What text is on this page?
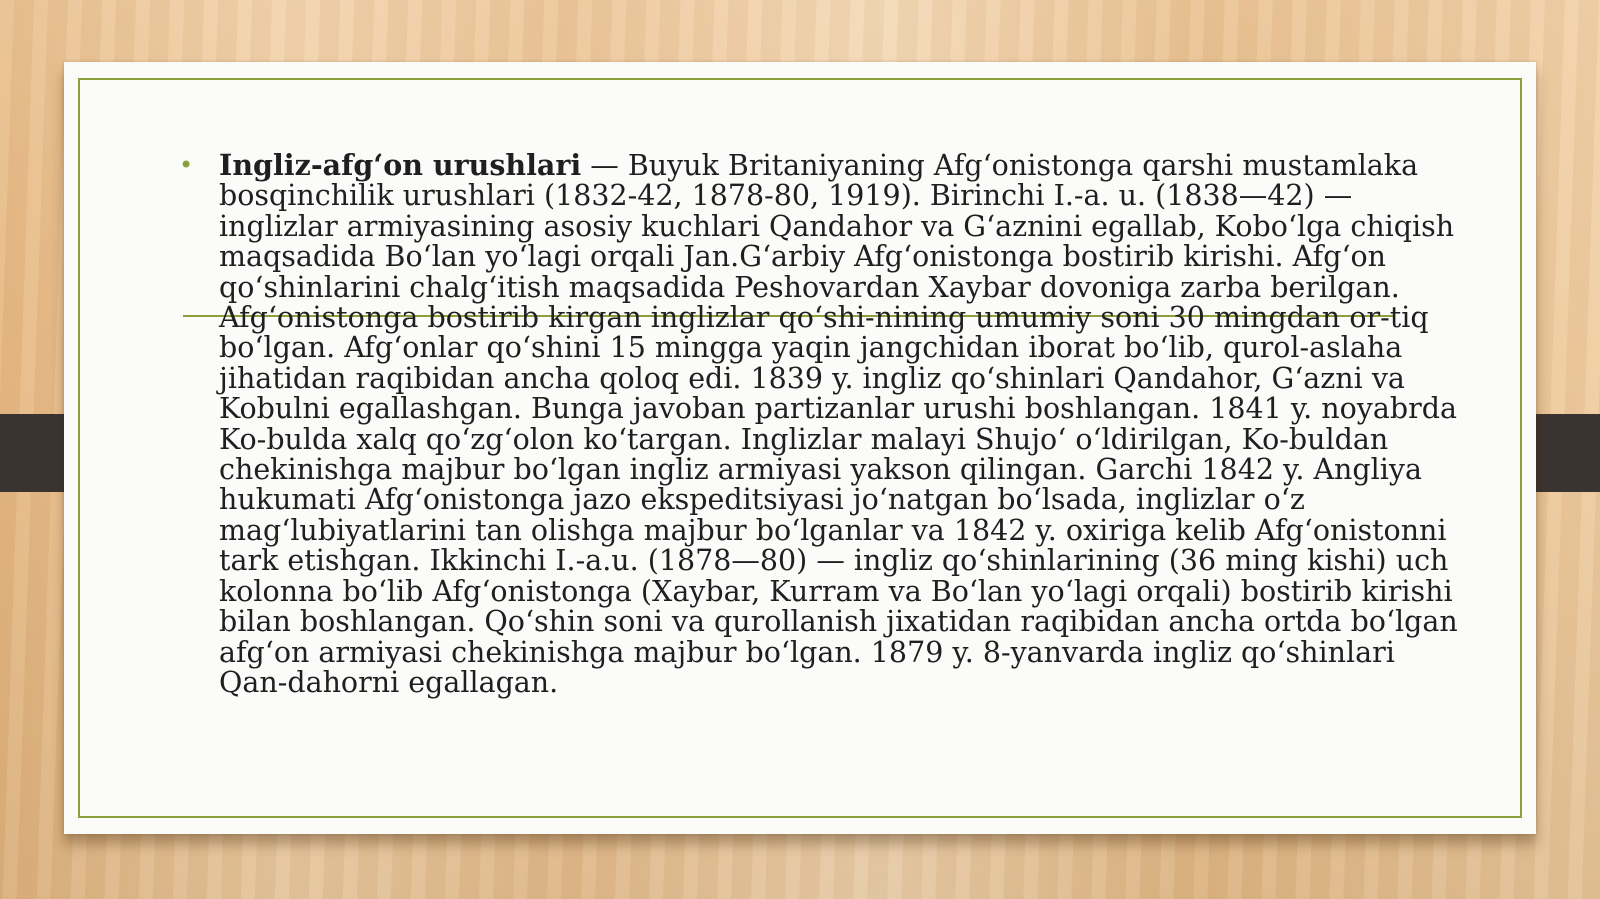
• Ingliz-afg‘on urushlari — Buyuk Britaniyaning Afg‘onistonga qarshi mustamlaka bosqinchilik urushlari (1832-42, 1878-80, 1919). Birinchi I.-a. u. (1838—42) — inglizlar armiyasining asosiy kuchlari Qandahor va G‘aznini egallab, Kobo‘lga chiqish maqsadida Bo‘lan yo‘lagi orqali Jan.G‘arbiy Afg‘onistonga bostirib kirishi. Afg‘on qo‘shinlarini chalg‘itish maqsadida Peshovardan Xaybar dovoniga zarba berilgan. Afg‘onistonga bostirib kirgan inglizlar qo‘shi-nining umumiy soni 30 mingdan or-tiq bo‘lgan. Afg‘onlar qo‘shini 15 mingga yaqin jangchidan iborat bo‘lib, qurol-aslaha jihatidan raqibidan ancha qoloq edi. 1839 y. ingliz qo‘shinlari Qandahor, G‘azni va Kobulni egallashgan. Bunga javoban partizanlar urushi boshlangan. 1841 y. noyabrda Ko-bulda xalq qo‘zg‘olon ko‘targan. Inglizlar malayi Shujo‘ o‘ldirilgan, Ko-buldan chekinishga majbur bo‘lgan ingliz armiyasi yakson qilingan. Garchi 1842 y. Angliya hukumati Afg‘onistonga jazo ekspeditsiyasi jo‘natgan bo‘lsada, inglizlar o‘z mag‘lubiyatlarini tan olishga majbur bo‘lganlar va 1842 y. oxiriga kelib Afg‘onistonni tark etishgan. Ikkinchi I.-a.u. (1878—80) — ingliz qo‘shinlarining (36 ming kishi) uch kolonna bo‘lib Afg‘onistonga (Xaybar, Kurram va Bo‘lan yo‘lagi orqali) bostirib kirishi bilan boshlangan. Qo‘shin soni va qurollanish jixatidan raqibidan ancha ortda bo‘lgan afg‘on armiyasi chekinishga majbur bo‘lgan. 1879 y. 8-yanvarda ingliz qo‘shinlari Qan-dahorni egallagan.
